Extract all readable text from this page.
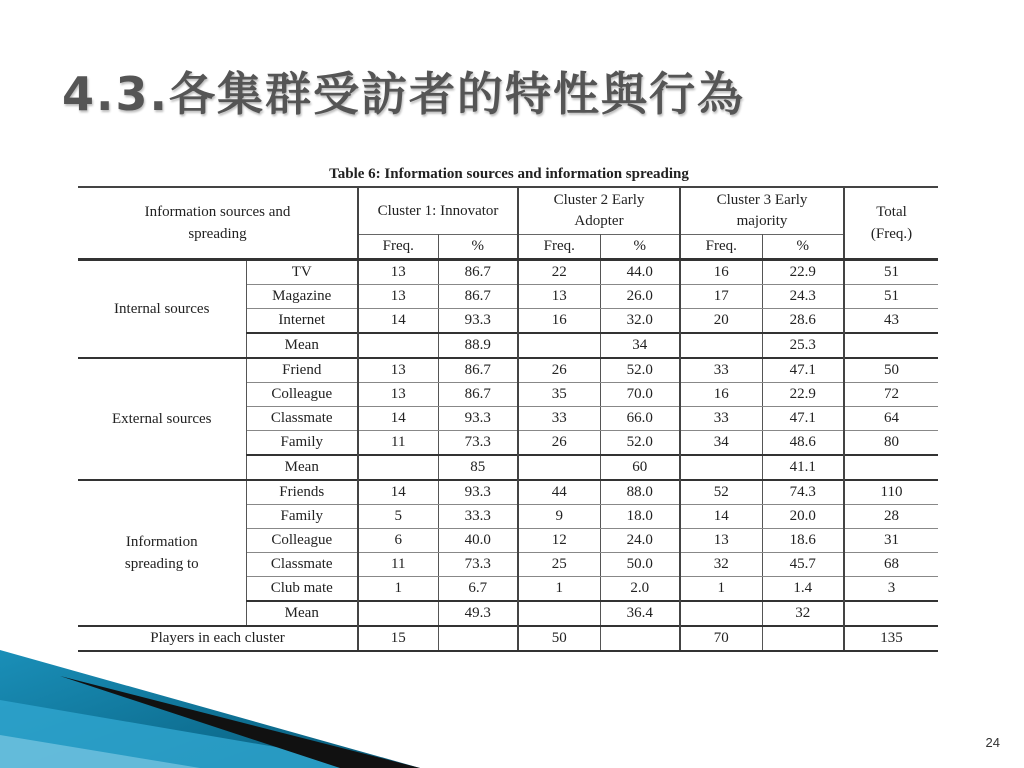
4.3.各集群受訪者的特性與行為
Table 6: Information sources and information spreading
Information sources and spreading		Cluster 1: Innovator		Cluster 2 Early Adopter		Cluster 3 Early majority		Total (Freq.)
		Freq.	%	Freq.	%	Freq.	%	
Internal sources	TV	13	86.7	22	44.0	16	22.9	51
	Magazine	13	86.7	13	26.0	17	24.3	51
	Internet	14	93.3	16	32.0	20	28.6	43
	Mean		88.9		34		25.3	
External sources	Friend	13	86.7	26	52.0	33	47.1	50
	Colleague	13	86.7	35	70.0	16	22.9	72
	Classmate	14	93.3	33	66.0	33	47.1	64
	Family	11	73.3	26	52.0	34	48.6	80
	Mean		85		60		41.1	
Information spreading to	Friends	14	93.3	44	88.0	52	74.3	110
	Family	5	33.3	9	18.0	14	20.0	28
	Colleague	6	40.0	12	24.0	13	18.6	31
	Classmate	11	73.3	25	50.0	32	45.7	68
	Club mate	1	6.7	1	2.0	1	1.4	3
	Mean		49.3		36.4		32	
Players in each cluster		15		50		70		135
24
